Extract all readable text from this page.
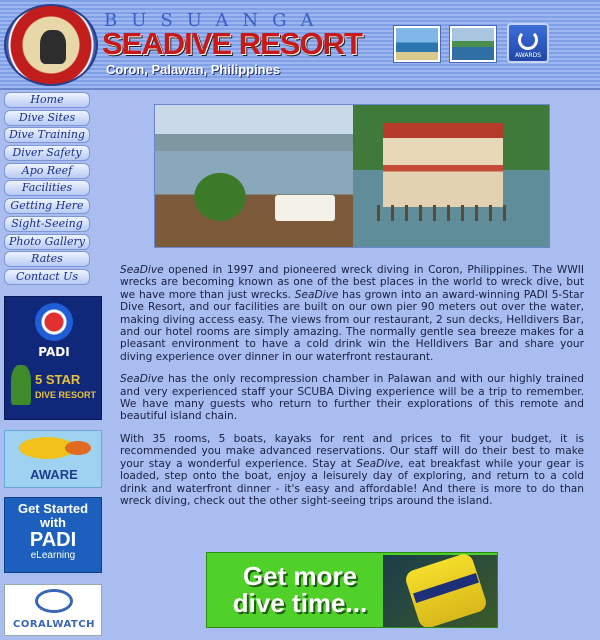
BUSUANGA
SEADIVE RESORT
Coron, Palawan, Philippines
AWARDS
Home
Dive Sites
Dive Training
Diver Safety
Apo Reef
Facilities
Getting Here
Sight-Seeing
Photo Gallery
Rates
Contact Us
PADI
5 STAR
DIVE RESORT
AWARE
Get Started
with
PADI
eLearning
CORALWATCH

SeaDive opened in 1997 and pioneered wreck diving in Coron, Philippines. The WWII wrecks are becoming known as one of the best places in the world to wreck dive, but we have more than just wrecks. SeaDive has grown into an award-winning PADI 5-Star Dive Resort, and our facilities are built on our own pier 90 meters out over the water, making diving access easy. The views from our restaurant, 2 sun decks, Helldivers Bar, and our hotel rooms are simply amazing. The normally gentle sea breeze makes for a pleasant environment to have a cold drink win the Helldivers Bar and share your diving experience over dinner in our waterfront restaurant.

SeaDive has the only recompression chamber in Palawan and with our highly trained and very experienced staff your SCUBA Diving experience will be a trip to remember. We have many guests who return to further their explorations of this remote and beautiful island chain.

With 35 rooms, 5 boats, kayaks for rent and prices to fit your budget, it is recommended you make advanced reservations. Our staff will do their best to make your stay a wonderful experience. Stay at SeaDive, eat breakfast while your gear is loaded, step onto the boat, enjoy a leisurely day of exploring, and return to a cold drink and waterfront dinner - it's easy and affordable! And there is more to do than wreck diving, check out the other sight-seeing trips around the island.

Get more
dive time...
